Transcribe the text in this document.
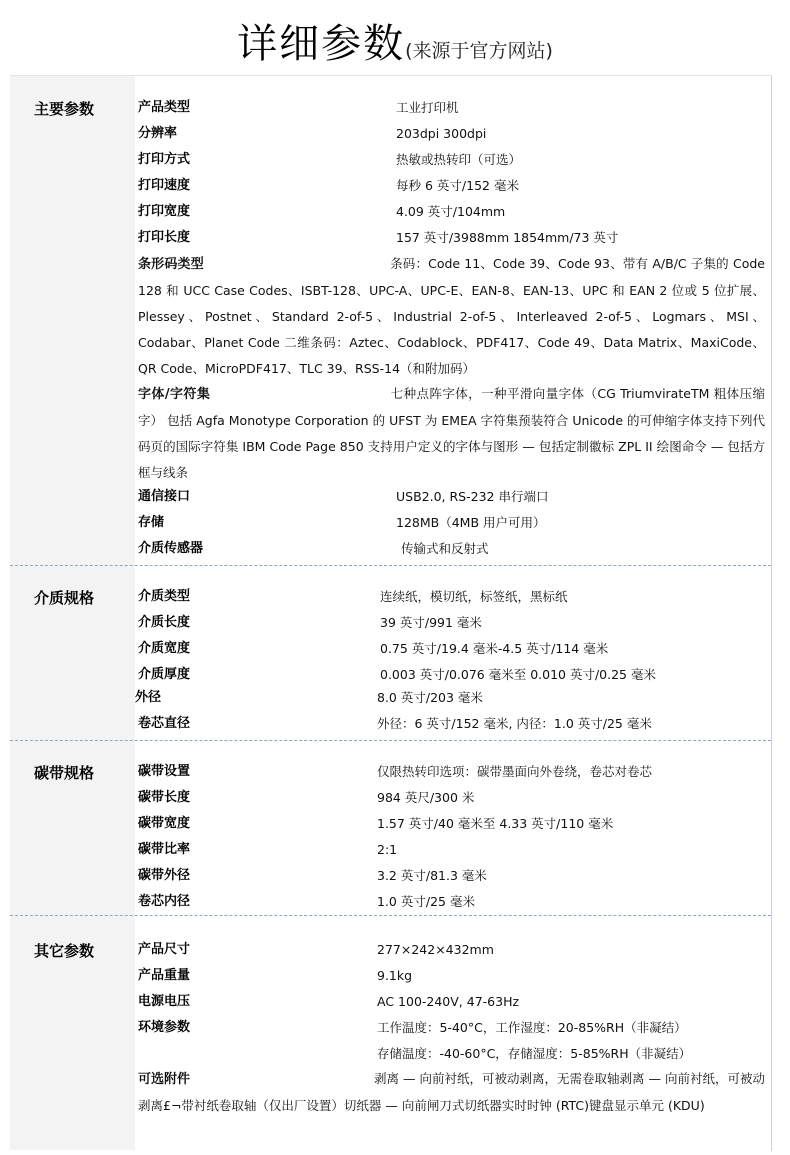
详细参数(来源于官方网站)
主要参数	产品类型	工业打印机
分辨率	203dpi 300dpi
打印方式	热敏或热转印（可选）
打印速度	每秒 6 英寸/152 毫米
打印宽度	4.09 英寸/104mm
打印长度	157 英寸/3988mm 1854mm/73 英寸
条形码类型	条码：Code 11、Code 39、Code 93、带有 A/B/C 子集的 Code 128 和 UCC Case Codes、ISBT-128、UPC-A、UPC-E、EAN-8、EAN-13、UPC 和 EAN 2 位或 5 位扩展、Plessey、Postnet、Standard 2-of-5、Industrial 2-of-5、Interleaved 2-of-5、Logmars、MSI、Codabar、Planet Code 二维条码：Aztec、Codablock、PDF417、Code 49、Data Matrix、MaxiCode、QR Code、MicroPDF417、TLC 39、RSS-14（和附加码）
字体/字符集	七种点阵字体，一种平滑向量字体（CG TriumvirateTM 粗体压缩字） 包括 Agfa Monotype Corporation 的 UFST 为 EMEA 字符集预装符合 Unicode 的可伸缩字体支持下列代码页的国际字符集 IBM Code Page 850 支持用户定义的字体与图形 — 包括定制徽标 ZPL II 绘图命令 — 包括方框与线条
通信接口	USB2.0, RS-232 串行端口
存储	128MB（4MB 用户可用）
介质传感器	传输式和反射式
介质规格	介质类型	连续纸，模切纸，标签纸，黑标纸
介质长度	39 英寸/991 毫米
介质宽度	0.75 英寸/19.4 毫米-4.5 英寸/114 毫米
介质厚度	0.003 英寸/0.076 毫米至 0.010 英寸/0.25 毫米
外径	8.0 英寸/203 毫米
卷芯直径	外径：6 英寸/152 毫米, 内径：1.0 英寸/25 毫米
碳带规格	碳带设置	仅限热转印选项：碳带墨面向外卷绕，卷芯对卷芯
碳带长度	984 英尺/300 米
碳带宽度	1.57 英寸/40 毫米至 4.33 英寸/110 毫米
碳带比率	2:1
碳带外径	3.2 英寸/81.3 毫米
卷芯内径	1.0 英寸/25 毫米
其它参数	产品尺寸	277×242×432mm
产品重量	9.1kg
电源电压	AC 100-240V, 47-63Hz
环境参数	工作温度：5-40°C，工作湿度：20-85%RH（非凝结）
存储温度：-40-60°C，存储湿度：5-85%RH（非凝结）
可选附件	剥离 — 向前衬纸，可被动剥离，无需卷取轴剥离 — 向前衬纸，可被动剥离£¬带衬纸卷取轴（仅出厂设置）切纸器 — 向前闸刀式切纸器实时时钟 (RTC)键盘显示单元 (KDU)
